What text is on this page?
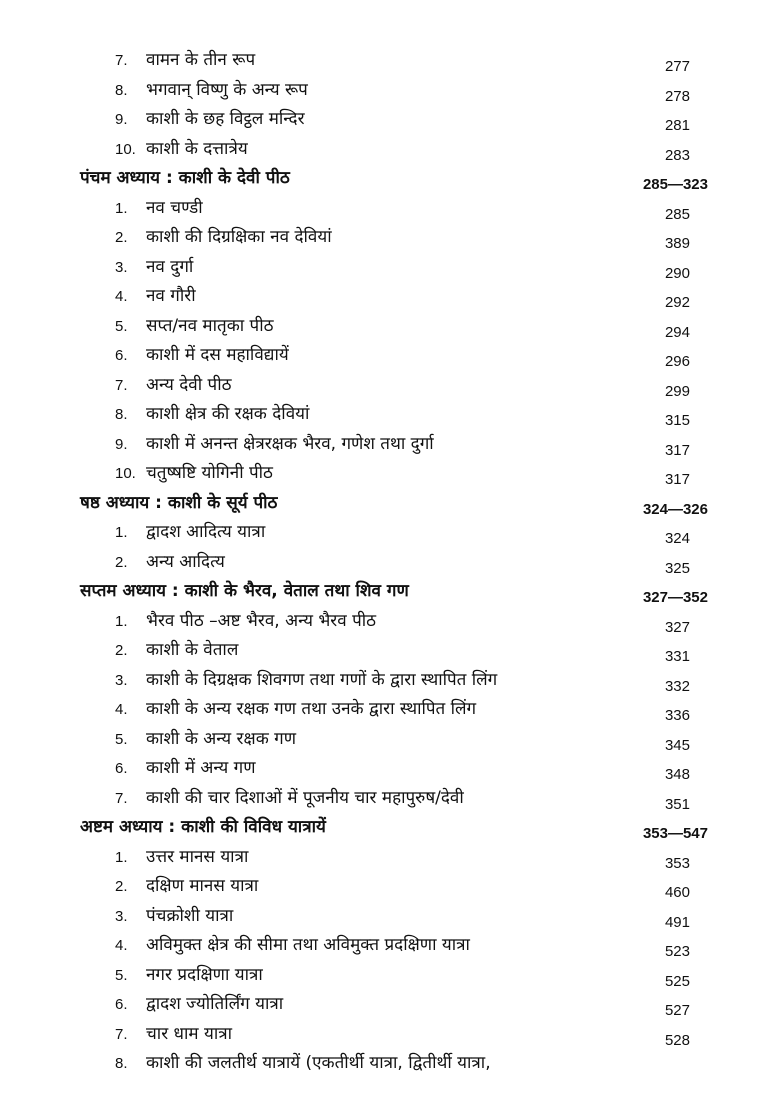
7. वामन के तीन रूप	277
8. भगवान् विष्णु के अन्य रूप	278
9. काशी के छह विट्ठल मन्दिर	281
10. काशी के दत्तात्रेय	283
पंचम अध्याय : काशी के देवी पीठ	285—323
1. नव चण्डी	285
2. काशी की दिग्रक्षिका नव देवियां	389
3. नव दुर्गा	290
4. नव गौरी	292
5. सप्त/नव मातृका पीठ	294
6. काशी में दस महाविद्यायें	296
7. अन्य देवी पीठ	299
8. काशी क्षेत्र की रक्षक देवियां	315
9. काशी में अनन्त क्षेत्ररक्षक भैरव, गणेश तथा दुर्गा	317
10. चतुष्षष्टि योगिनी पीठ	317
षष्ठ अध्याय : काशी के सूर्य पीठ	324—326
1. द्वादश आदित्य यात्रा	324
2. अन्य आदित्य	325
सप्तम अध्याय : काशी के भैरव, वेताल तथा शिव गण	327—352
1. भैरव पीठ –अष्ट भैरव, अन्य भैरव पीठ	327
2. काशी के वेताल	331
3. काशी के दिग्रक्षक शिवगण तथा गणों के द्वारा स्थापित लिंग	332
4. काशी के अन्य रक्षक गण तथा उनके द्वारा स्थापित लिंग	336
5. काशी के अन्य रक्षक गण	345
6. काशी में अन्य गण	348
7. काशी की चार दिशाओं में पूजनीय चार महापुरुष/देवी	351
अष्टम अध्याय : काशी की विविध यात्रायें	353—547
1. उत्तर मानस यात्रा	353
2. दक्षिण मानस यात्रा	460
3. पंचक्रोशी यात्रा	491
4. अविमुक्त क्षेत्र की सीमा तथा अविमुक्त प्रदक्षिणा यात्रा	523
5. नगर प्रदक्षिणा यात्रा	525
6. द्वादश ज्योतिर्लिंग यात्रा	527
7. चार धाम यात्रा	528
8. काशी की जलतीर्थ यात्रायें (एकतीर्थी यात्रा, द्वितीर्थी यात्रा,
